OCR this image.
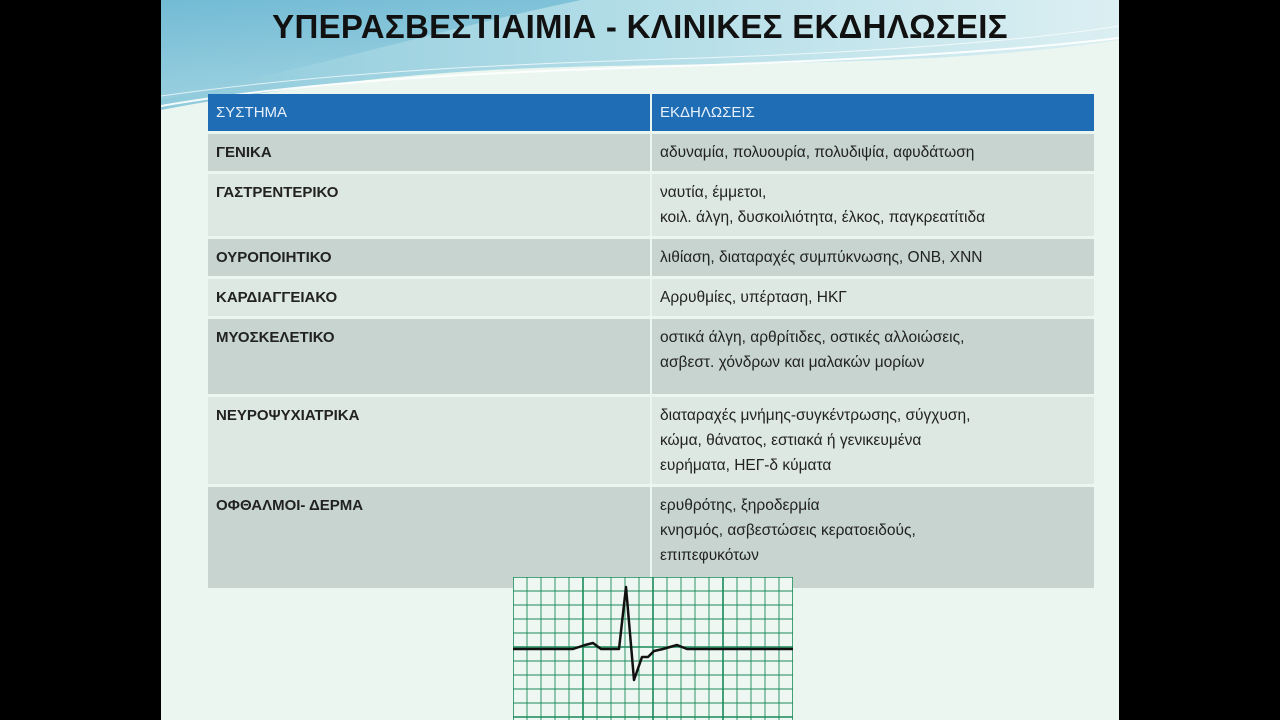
ΥΠΕΡΑΣΒΕΣΤΙΑΙΜΙΑ - ΚΛΙΝΙΚΕΣ ΕΚΔΗΛΩΣΕΙΣ
ΣΥΣΤΗΜΑ	ΕΚΔΗΛΩΣΕΙΣ
ΓΕΝΙΚΑ	αδυναμία, πολυουρία, πολυδιψία, αφυδάτωση

ΓΑΣΤΡΕΝΤΕΡΙΚΟ	ναυτία, έμμετοι,
κοιλ. άλγη, δυσκοιλιότητα, έλκος, παγκρεατίτιδα

ΟΥΡΟΠΟΙΗΤΙΚΟ	λιθίαση, διαταραχές συμπύκνωσης, ΟΝΒ, ΧΝΝ

ΚΑΡΔΙΑΓΓΕΙΑΚΟ	Αρρυθμίες, υπέρταση, ΗΚΓ

ΜΥΟΣΚΕΛΕΤΙΚΟ	οστικά άλγη, αρθρίτιδες, οστικές αλλοιώσεις,
ασβεστ. χόνδρων και μαλακών μορίων

ΝΕΥΡΟΨΥΧΙΑΤΡΙΚΑ	διαταραχές μνήμης-συγκέντρωσης, σύγχυση,
κώμα, θάνατος, εστιακά ή γενικευμένα
ευρήματα, ΗΕΓ-δ κύματα

ΟΦΘΑΛΜΟΙ- ΔΕΡΜΑ	ερυθρότης, ξηροδερμία
κνησμός, ασβεστώσεις κερατοειδούς,
επιπεφυκότων
